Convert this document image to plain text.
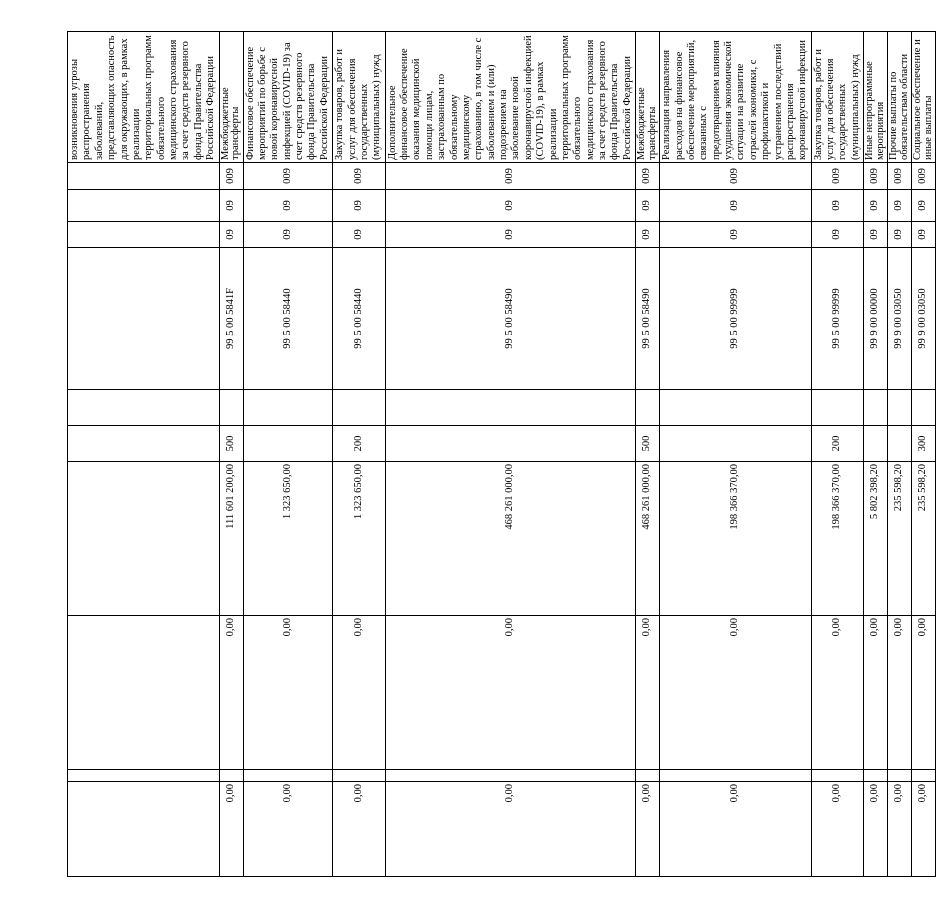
										возникновения угрозы распространения заболеваний, представляющих опасность для окружающих, в рамках реализации территориальных программ обязательного медицинского страхования за счет средств резервного фонда Правительства Российской Федерации
0,00		0,00	111 601 200,00	500		99 5 00 5841F	09	09	009	Межбюджетные трансферты
0,00		0,00	1 323 650,00			99 5 00 58440	09	09	009	Финансовое обеспечение мероприятий по борьбе с новой коронавирусной инфекцией (COVID-19) за счет средств резервного фонда Правительства Российской Федерации
0,00		0,00	1 323 650,00	200		99 5 00 58440	09	09	009	Закупка товаров, работ и услуг для обеспечения государственных (муниципальных) нужд
0,00		0,00	468 261 000,00			99 5 00 58490	09	09	009	Дополнительное финансовое обеспечение оказания медицинской помощи лицам, застрахованным по обязательному медицинскому страхованию, в том числе с заболеванием и (или) подозрением на заболевание новой коронавирусной инфекцией (COVID-19), в рамках реализации территориальных программ обязательного медицинского страхования за счет средств резервного фонда Правительства Российской Федерации
0,00		0,00	468 261 000,00	500		99 5 00 58490	09	09	009	Межбюджетные трансферты
0,00		0,00	198 366 370,00			99 5 00 99999	09	09	009	Реализация направления расходов на финансовое обеспечение мероприятий, связанных с предотвращением влияния ухудшения экономической ситуации на развитие отраслей экономики, с профилактикой и устранением последствий распространения коронавирусной инфекции
0,00		0,00	198 366 370,00	200		99 5 00 99999	09	09	009	Закупка товаров, работ и услуг для обеспечения государственных (муниципальных) нужд
0,00		0,00	5 802 398,20			99 9 00 00000	09	09	009	Иные непрограммные мероприятия
0,00		0,00	235 598,20			99 9 00 03050	09	09	009	Прочие выплаты по обязательствам области
0,00		0,00	235 598,20	300		99 9 00 03050	09	09	009	Социальное обеспечение и иные выплаты
